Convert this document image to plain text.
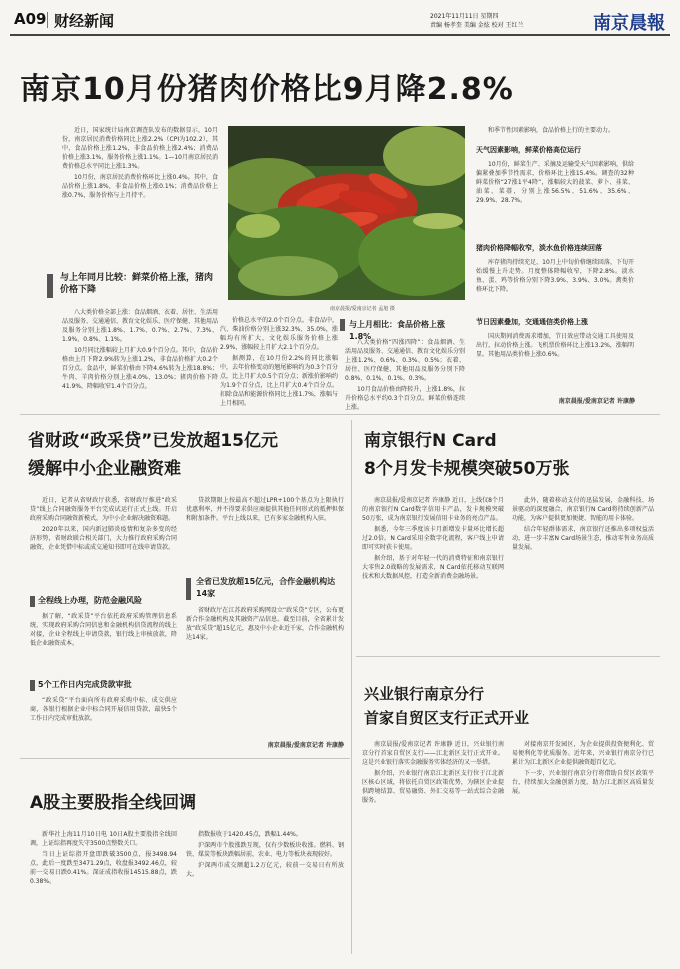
A09 财经新闻	2021年11月11日 星期四
责编 杨孝奎 美编 金炫 校对 王红兰	南京晨報
南京10月份猪肉价格比9月降2.8%

近日，国家统计局南京调查队发布的数据显示，10月份，南京居民消费价格同比上涨2.2%（CPI为102.2），其中，食品价格上涨1.2%，非食品价格上涨2.4%；消费品价格上涨3.1%，服务价格上涨1.1%。1—10月南京居民消费价格总水平同比上涨1.3%。

10月份，南京居民消费价格环比上涨0.4%。其中，食品价格上涨1.8%，非食品价格上涨0.1%；消费品价格上涨0.7%，服务价格与上月持平。

与上年同月比较：鲜菜价格上涨，猪肉价格下降

八大类价格全部上涨：食品烟酒、衣着、居住、生活用品及服务、交通通信、教育文化娱乐、医疗保健、其他用品及服务分别上涨1.8%、1.7%、0.7%、2.7%、7.3%、1.9%、0.8%、1.1%。

10月同比涨幅较上月扩大0.9个百分点。其中，食品价格由上月下降2.9%转为上涨1.2%，非食品价格扩大0.2个百分点。食品中，鲜菜价格由下降4.6%转为上涨18.8%；牛肉、羊肉价格分别上涨4.0%、13.0%；猪肉价格下降41.9%，降幅收窄1.4个百分点。

南京晨报/爱南京记者 孟旭 摄

价格总水平的2.0个百分点。非食品中，汽、柴油价格分别上涨32.3%、35.0%，涨幅均有所扩大，文化娱乐服务价格上涨2.9%，涨幅较上月扩大2.1个百分点。

据测算，在10月份2.2%的同比涨幅中，去年价格变动的翘尾影响约为0.3个百分点，比上月扩大0.5个百分点；新涨价影响约为1.9个百分点，比上月扩大0.4个百分点。扣除食品和能源价格同比上涨1.7%，涨幅与上月相同。

与上月相比：食品价格上涨1.8%

八大类价格“四涨四降”：食品烟酒、生活用品及服务、交通通信、教育文化娱乐分别上涨1.2%、0.6%、0.3%、0.5%；衣着、居住、医疗保健、其他用品及服务分别下降0.8%、0.1%、0.1%、0.3%。

10月食品价格由降转升，上涨1.8%，拉升价格总水平约0.3个百分点。鲜菜价格连续上涨。

和季节性因素影响，食品价格上行的主要动力。

天气因素影响，鲜菜价格高位运行

10月份，鲜菜生产、采摘及运输受天气因素影响，供给偏紧叠加季节性需求，价格环比上涨15.4%。调查的32种鲜菜价格“27涨1平4降”，涨幅较大的菠菜、萝卜、韭菜、油菜、菜薹，分别上涨56.5%、51.6%、35.6%、29.9%、28.7%。

猪肉价格降幅收窄，淡水鱼价格连续回落

库存猪肉持续充足，10月上中旬价格继续回落，下旬开始缓慢上升走势。月度整体降幅收窄，下降2.8%。淡水鱼、蛋、鸡等价格分别下降3.9%、3.9%、3.0%。禽类价格环比下降。

节日因素叠加，交通通信类价格上涨

国庆期间消费需求增加，节日效应带动交通工具使用及出行，拉动价格上涨。飞机票价格环比上涨13.2%，涨幅明显。其他用品类价格上涨0.6%。

南京晨报/爱南京记者 许康静
省财政“政采贷”已发放超15亿元
缓解中小企业融资难

近日，记者从省财政厅获悉，省财政厅推进“政采贷”线上合同融资服务平台完成试运行正式上线。开启政府采购合同融资新模式，为中小企业解决融资难题。

2020年以来，国内新冠肺炎疫情和复杂多变的经济形势，省财政联合相关部门，大力推行政府采购合同融资，企业凭借中标或成交通知书即可在线申请贷款。

全程线上办理，防范金融风险

据了解，“政采贷”平台依托政府采购管理信息系统，实现政府采购合同信息和金融机构信贷流程的线上对接，企业全程线上申请贷款，银行线上审核放款，降低企业融资成本。

5个工作日内完成贷款审批

“政采贷”平台面向所有政府采购中标、成交供应商，各银行根据企业中标合同开展信用贷款，最快5个工作日内完成审批放款。

贷款期限上按最高不超过LPR+100个基点为上限执行优惠利率，并不得要求供应商提供其他任何形式的抵押担保和附加条件。平台上线以来，已有多家金融机构入驻。

全省已发放超15亿元，合作金融机构达14家

省财政厅在江苏政府采购网设立“政采贷”专区，公布更新合作金融机构及其融资产品信息。截至目前，全省累计发放“政采贷”超15亿元，惠及中小企业近千家，合作金融机构达14家。

南京晨报/爱南京记者 许康静
南京银行N Card
8个月发卡规模突破50万张

南京晨报/爱南京记者 许康静 近日，上线仅8个月的南京银行N Card数字信用卡产品，发卡规模突破50万张，成为南京银行发展信用卡业务的亮点产品。

据悉，今年三季度该卡月新增发卡量环比增长超过2.0倍。N Card采用全数字化流程，客户线上申请即可实时获卡使用。

据介绍，基于对年轻一代的消费特征和南京银行大零售2.0战略的发展需求，N Card依托移动互联网技术和大数据风控，打造全新消费金融场景。

此外，随着移动支付的迅猛发展，金融科技、场景驱动的深度融合，南京银行N Card将持续创新产品功能，为客户提供更加便捷、智能的用卡体验。

结合年轻群体需求，南京银行还推出多项权益活动，进一步丰富N Card场景生态，推动零售业务高质量发展。

兴业银行南京分行
首家自贸区支行正式开业

南京晨报/爱南京记者 许康静 近日，兴业银行南京分行首家自贸区支行——江北新区支行正式开业。这是兴业银行落实金融服务实体经济的又一举措。

据介绍，兴业银行南京江北新区支行位于江北新区核心区域，将依托自贸区政策优势，为辖区企业提供跨境结算、贸易融资、外汇交易等一站式综合金融服务。

对接南京开发园区，为企业提供投资便利化、贸易便利化等优质服务。近年来，兴业银行南京分行已累计为江北新区企业提供融资超百亿元。

下一步，兴业银行南京分行将借助自贸区政策平台，持续加大金融创新力度，助力江北新区高质量发展。

A股主要股指全线回调

新华社上海11月10日电 10日A股主要股指全线回调，上证综指再度失守3500点整数关口。

当日上证综指开盘即跌破3500点，报3498.94点，此后一度跌至3471.29点，收盘报3492.46点，较前一交易日跌0.41%。深证成指收报14515.88点，跌0.38%。

指数报收于1420.45点，跌幅1.44%。

沪深两市个股涨跌互现，仅有少数板块收涨。燃料、钢铁、煤炭等板块跌幅居前，农业、电力等板块表现较好。

沪深两市成交额超1.2万亿元，较前一交易日有所放大。
